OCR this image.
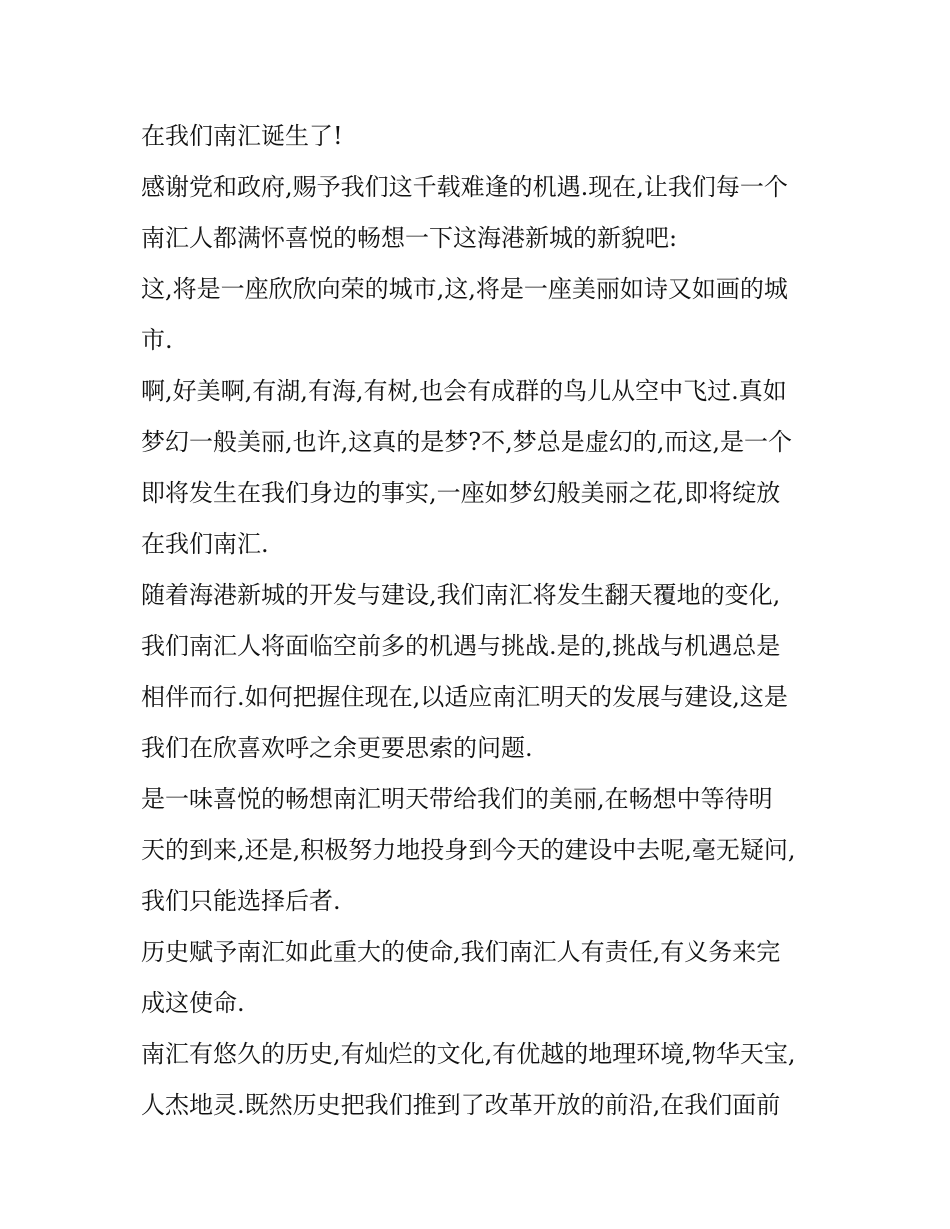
在我们南汇诞生了!
感谢党和政府,赐予我们这千载难逢的机遇.现在,让我们每一个
南汇人都满怀喜悦的畅想一下这海港新城的新貌吧:
这,将是一座欣欣向荣的城市,这,将是一座美丽如诗又如画的城
市.
啊,好美啊,有湖,有海,有树,也会有成群的鸟儿从空中飞过.真如
梦幻一般美丽,也许,这真的是梦?不,梦总是虚幻的,而这,是一个
即将发生在我们身边的事实,一座如梦幻般美丽之花,即将绽放
在我们南汇.
随着海港新城的开发与建设,我们南汇将发生翻天覆地的变化,
我们南汇人将面临空前多的机遇与挑战.是的,挑战与机遇总是
相伴而行.如何把握住现在,以适应南汇明天的发展与建设,这是
我们在欣喜欢呼之余更要思索的问题.
是一味喜悦的畅想南汇明天带给我们的美丽,在畅想中等待明
天的到来,还是,积极努力地投身到今天的建设中去呢,毫无疑问,
我们只能选择后者.
历史赋予南汇如此重大的使命,我们南汇人有责任,有义务来完
成这使命.
南汇有悠久的历史,有灿烂的文化,有优越的地理环境,物华天宝,
人杰地灵.既然历史把我们推到了改革开放的前沿,在我们面前
